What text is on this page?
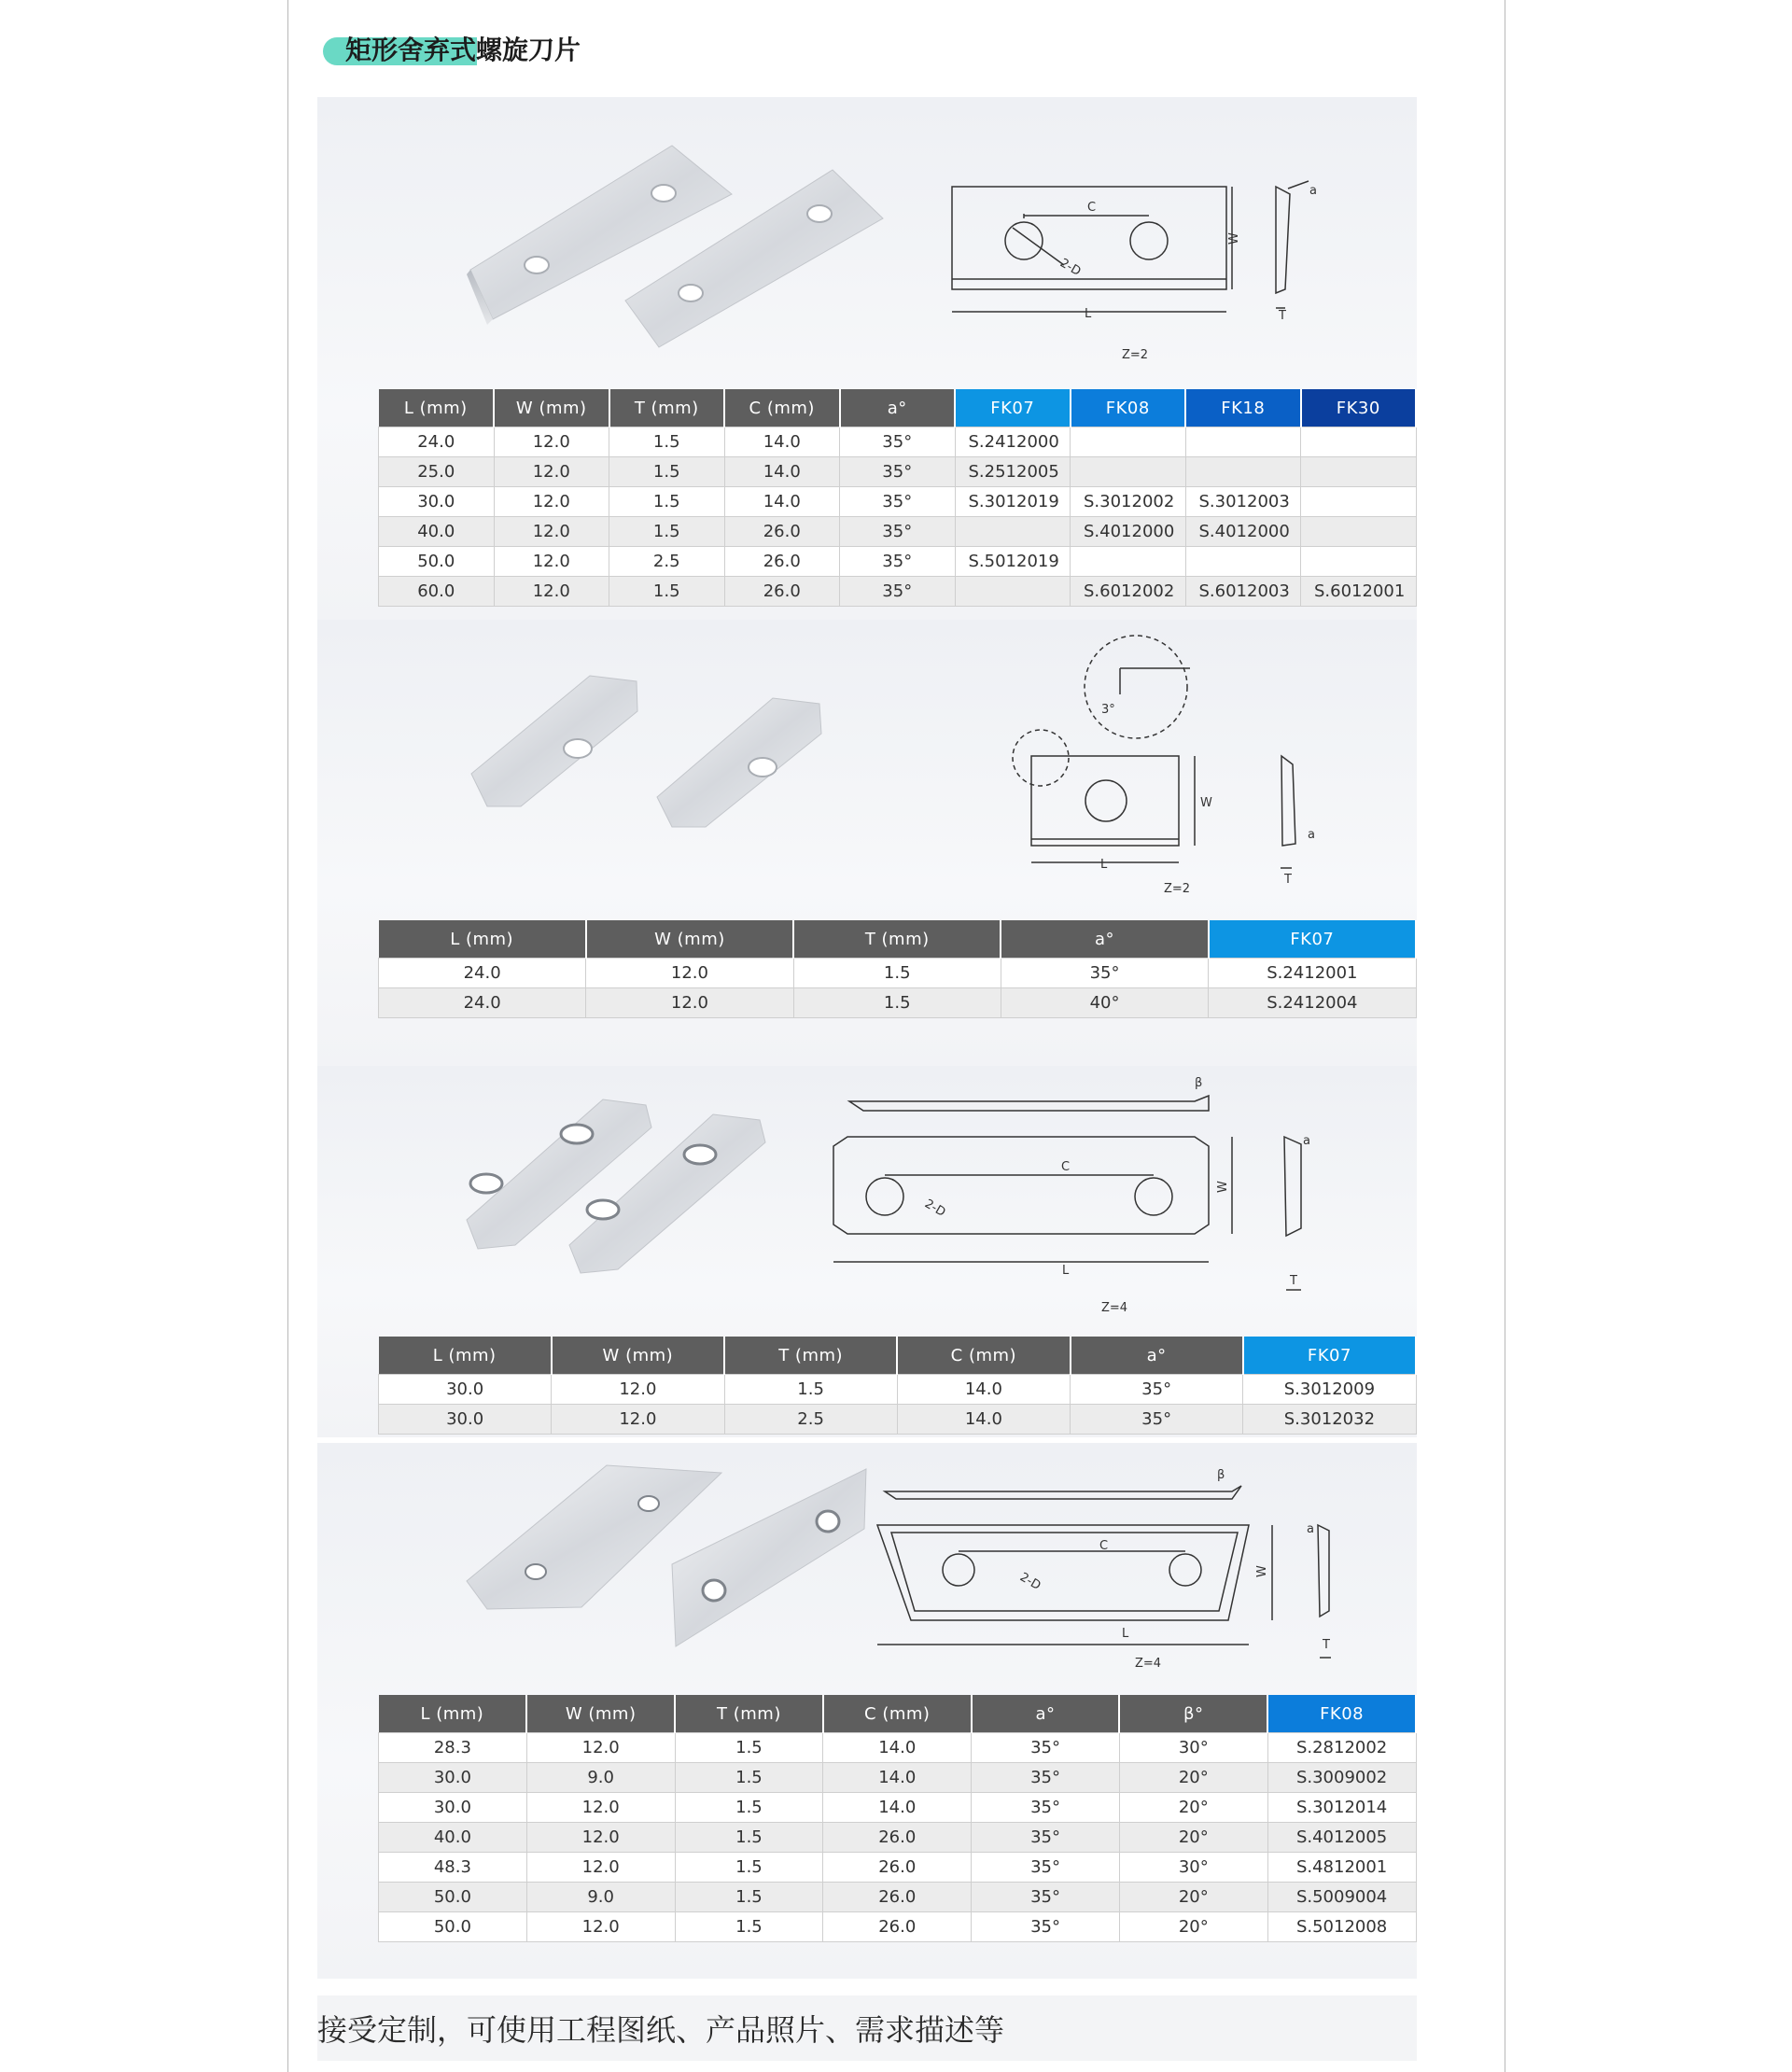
矩形舍弃式螺旋刀片
C
2-D
W
L	T
a
Z=2
L (mm)	W (mm)	T (mm)	C (mm)	a°	FK07	FK08	FK18	FK30
24.0	12.0	1.5	14.0	35°	S.2412000			
25.0	12.0	1.5	14.0	35°	S.2512005			
30.0	12.0	1.5	14.0	35°	S.3012019	S.3012002	S.3012003	
40.0	12.0	1.5	26.0	35°		S.4012000	S.4012000	
50.0	12.0	2.5	26.0	35°	S.5012019			
60.0	12.0	1.5	26.0	35°		S.6012002	S.6012003	S.6012001
3°
W
L
T
a
Z=2
L (mm)	W (mm)	T (mm)	a°	FK07
24.0	12.0	1.5	35°	S.2412001
24.0	12.0	1.5	40°	S.2412004
C
2-D
W
L
T
a
β
Z=4
L (mm)	W (mm)	T (mm)	C (mm)	a°	FK07
30.0	12.0	1.5	14.0	35°	S.3012009
30.0	12.0	2.5	14.0	35°	S.3012032
C
2-D	W
L
T
a
β
Z=4
L (mm)	W (mm)	T (mm)	C (mm)	a°	β°	FK08
28.3	12.0	1.5	14.0	35°	30°	S.2812002
30.0	9.0	1.5	14.0	35°	20°	S.3009002
30.0	12.0	1.5	14.0	35°	20°	S.3012014
40.0	12.0	1.5	26.0	35°	20°	S.4012005
48.3	12.0	1.5	26.0	35°	30°	S.4812001
50.0	9.0	1.5	26.0	35°	20°	S.5009004
50.0	12.0	1.5	26.0	35°	20°	S.5012008
接受定制，可使用工程图纸、产品照片、需求描述等
